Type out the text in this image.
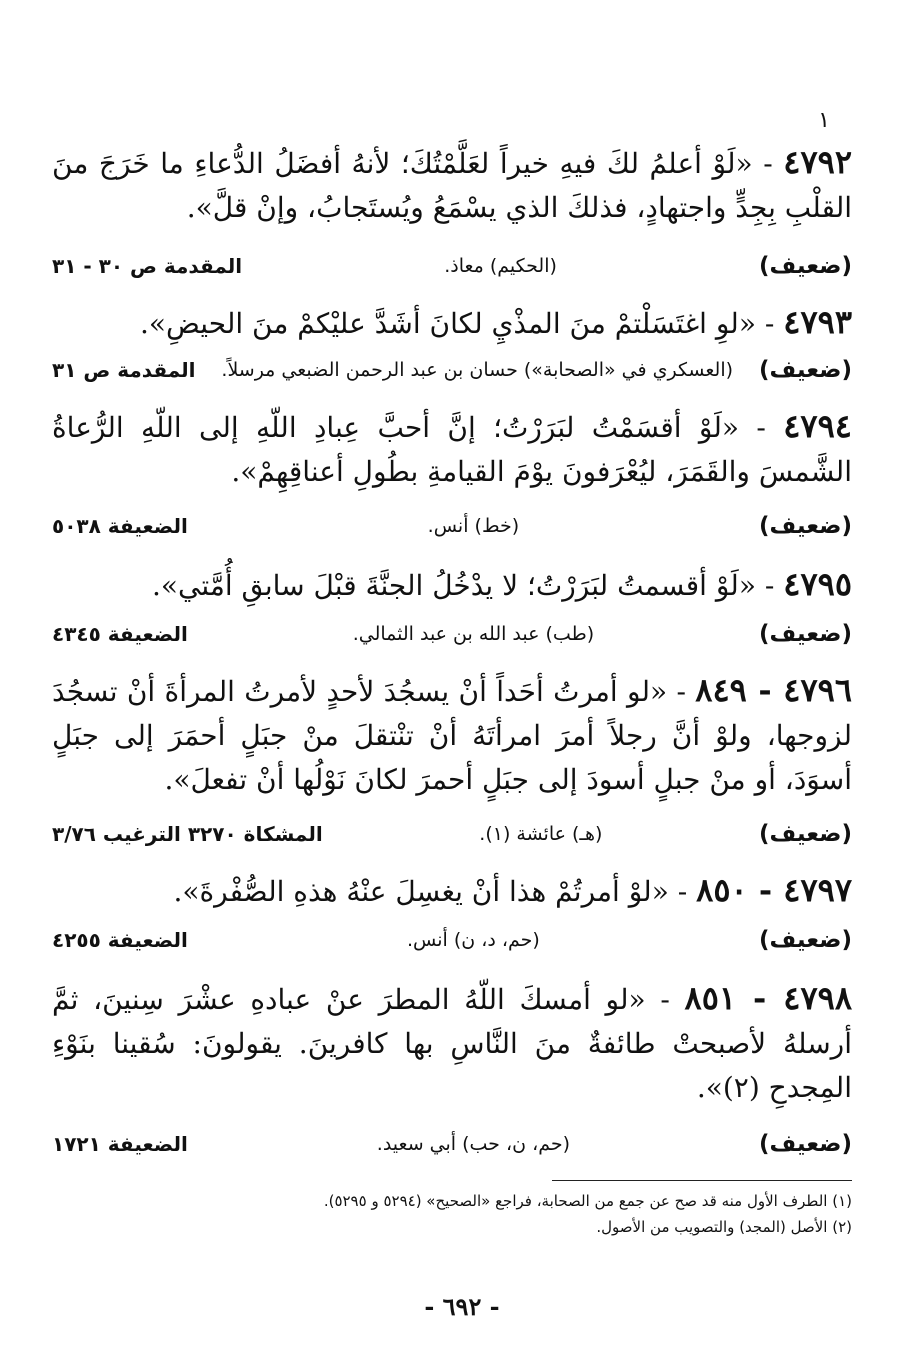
١
٤٧٩٢ - «لَوْ أعلمُ لكَ فيهِ خيراً لعَلَّمْتُكَ؛ لأنهُ أفضَلُ الدُّعاءِ ما خَرَجَ منَ القلْبِ بِجِدٍّ واجتهادٍ، فذلكَ الذي يسْمَعُ ويُستَجابُ، وإنْ قلَّ».
(ضعيف)
(الحكيم) معاذ.
المقدمة ص ٣٠ - ٣١
٤٧٩٣ - «لوِ اغتَسَلْتمْ منَ المذْيِ لكانَ أشَدَّ عليْكمْ منَ الحيضِ».
(ضعيف)
(العسكري في «الصحابة») حسان بن عبد الرحمن الضبعي مرسلاً.
المقدمة ص ٣١
٤٧٩٤ - «لَوْ أقسَمْتُ لبَرَرْتُ؛ إنَّ أحبَّ عِبادِ اللّهِ إلى اللّهِ الرُّعاةُ الشَّمسَ والقَمَرَ، ليُعْرَفونَ يوْمَ القيامةِ بطُولِ أعناقِهِمْ».
(ضعيف)
(خط) أنس.
الضعيفة ٥٠٣٨
٤٧٩٥ - «لَوْ أقسمتُ لبَرَرْتُ؛ لا يدْخُلُ الجنَّةَ قبْلَ سابقِ أُمَّتي».
(ضعيف)
(طب) عبد الله بن عبد الثمالي.
الضعيفة ٤٣٤٥
٤٧٩٦ - ٨٤٩ - «لو أمرتُ أحَداً أنْ يسجُدَ لأحدٍ لأمرتُ المرأةَ أنْ تسجُدَ لزوجها، ولوْ أنَّ رجلاً أمرَ امرأتَهُ أنْ تنْتقلَ منْ جبَلٍ أحمَرَ إلى جبَلٍ أسوَدَ، أو منْ جبلٍ أسودَ إلى جبَلٍ أحمرَ لكانَ نَوْلُها أنْ تفعلَ».
(ضعيف)
(هـ) عائشة (١).
المشكاة ٣٢٧٠ الترغيب ٣/٧٦
٤٧٩٧ - ٨٥٠ - «لوْ أمرتُمْ هذا أنْ يغسِلَ عنْهُ هذهِ الصُّفْرةَ».
(ضعيف)
(حم، د، ن) أنس.
الضعيفة ٤٢٥٥
٤٧٩٨ - ٨٥١ - «لو أمسكَ اللّهُ المطرَ عنْ عبادهِ عشْرَ سِنينَ، ثمَّ أرسلهُ لأصبحتْ طائفةٌ منَ النَّاسِ بها كافرينَ. يقولونَ: سُقينا بنَوْءِ المِجدحِ (٢)».
(ضعيف)
(حم، ن، حب) أبي سعيد.
الضعيفة ١٧٢١
(١) الطرف الأول منه قد صح عن جمع من الصحابة، فراجع «الصحيح» (٥٢٩٤ و ٥٢٩٥).
(٢) الأصل (المجد) والتصويب من الأصول.
- ٦٩٢ -
